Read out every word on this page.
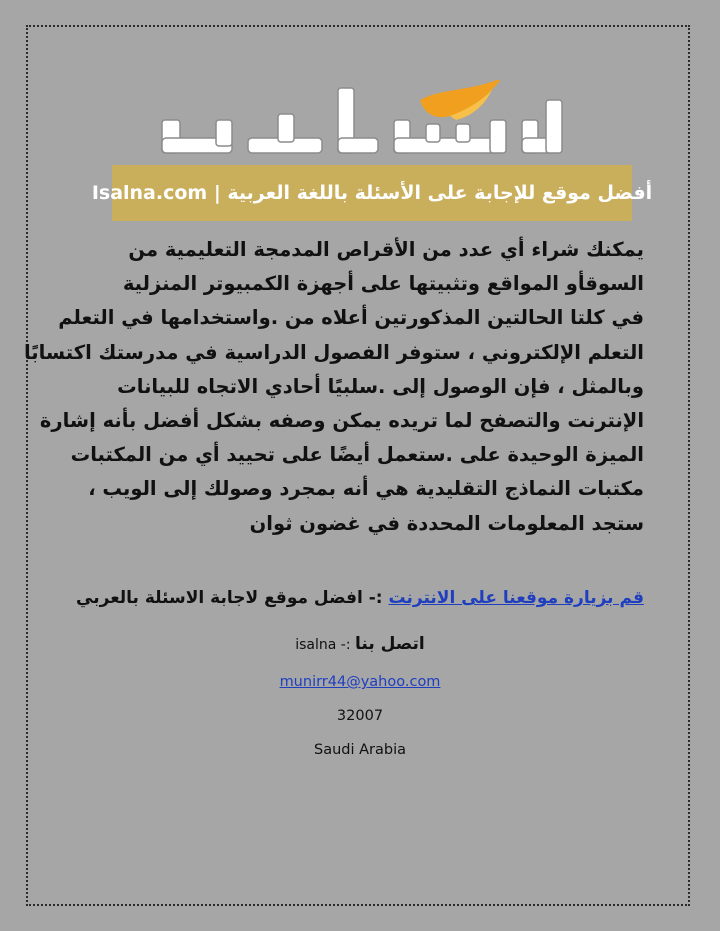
Isalna.com | أفضل موقع للإجابة على الأسئلة باللغة العربية
يمكنك شراء أي عدد من الأقراص المدمجة التعليمية من
السوقأو المواقع وتثبيتها على أجهزة الكمبيوتر المنزلية
في كلتا الحالتين المذكورتين أعلاه من .واستخدامها في التعلم
التعلم الإلكتروني ، ستوفر الفصول الدراسية في مدرستك اكتسابًا
وبالمثل ، فإن الوصول إلى .سلبيًا أحادي الاتجاه للبيانات
الإنترنت والتصفح لما تريده يمكن وصفه بشكل أفضل بأنه إشارة
الميزة الوحيدة على .ستعمل أيضًا على تحييد أي من المكتبات
مكتبات النماذج التقليدية هي أنه بمجرد وصولك إلى الويب ،
ستجد المعلومات المحددة في غضون ثوان
قم بزيارة موقعنا على الانترنت :- افضل موقع لاجابة الاسئلة بالعربي
اتصل بنا :- isalna
munirr44@yahoo.com
32007
Saudi Arabia
